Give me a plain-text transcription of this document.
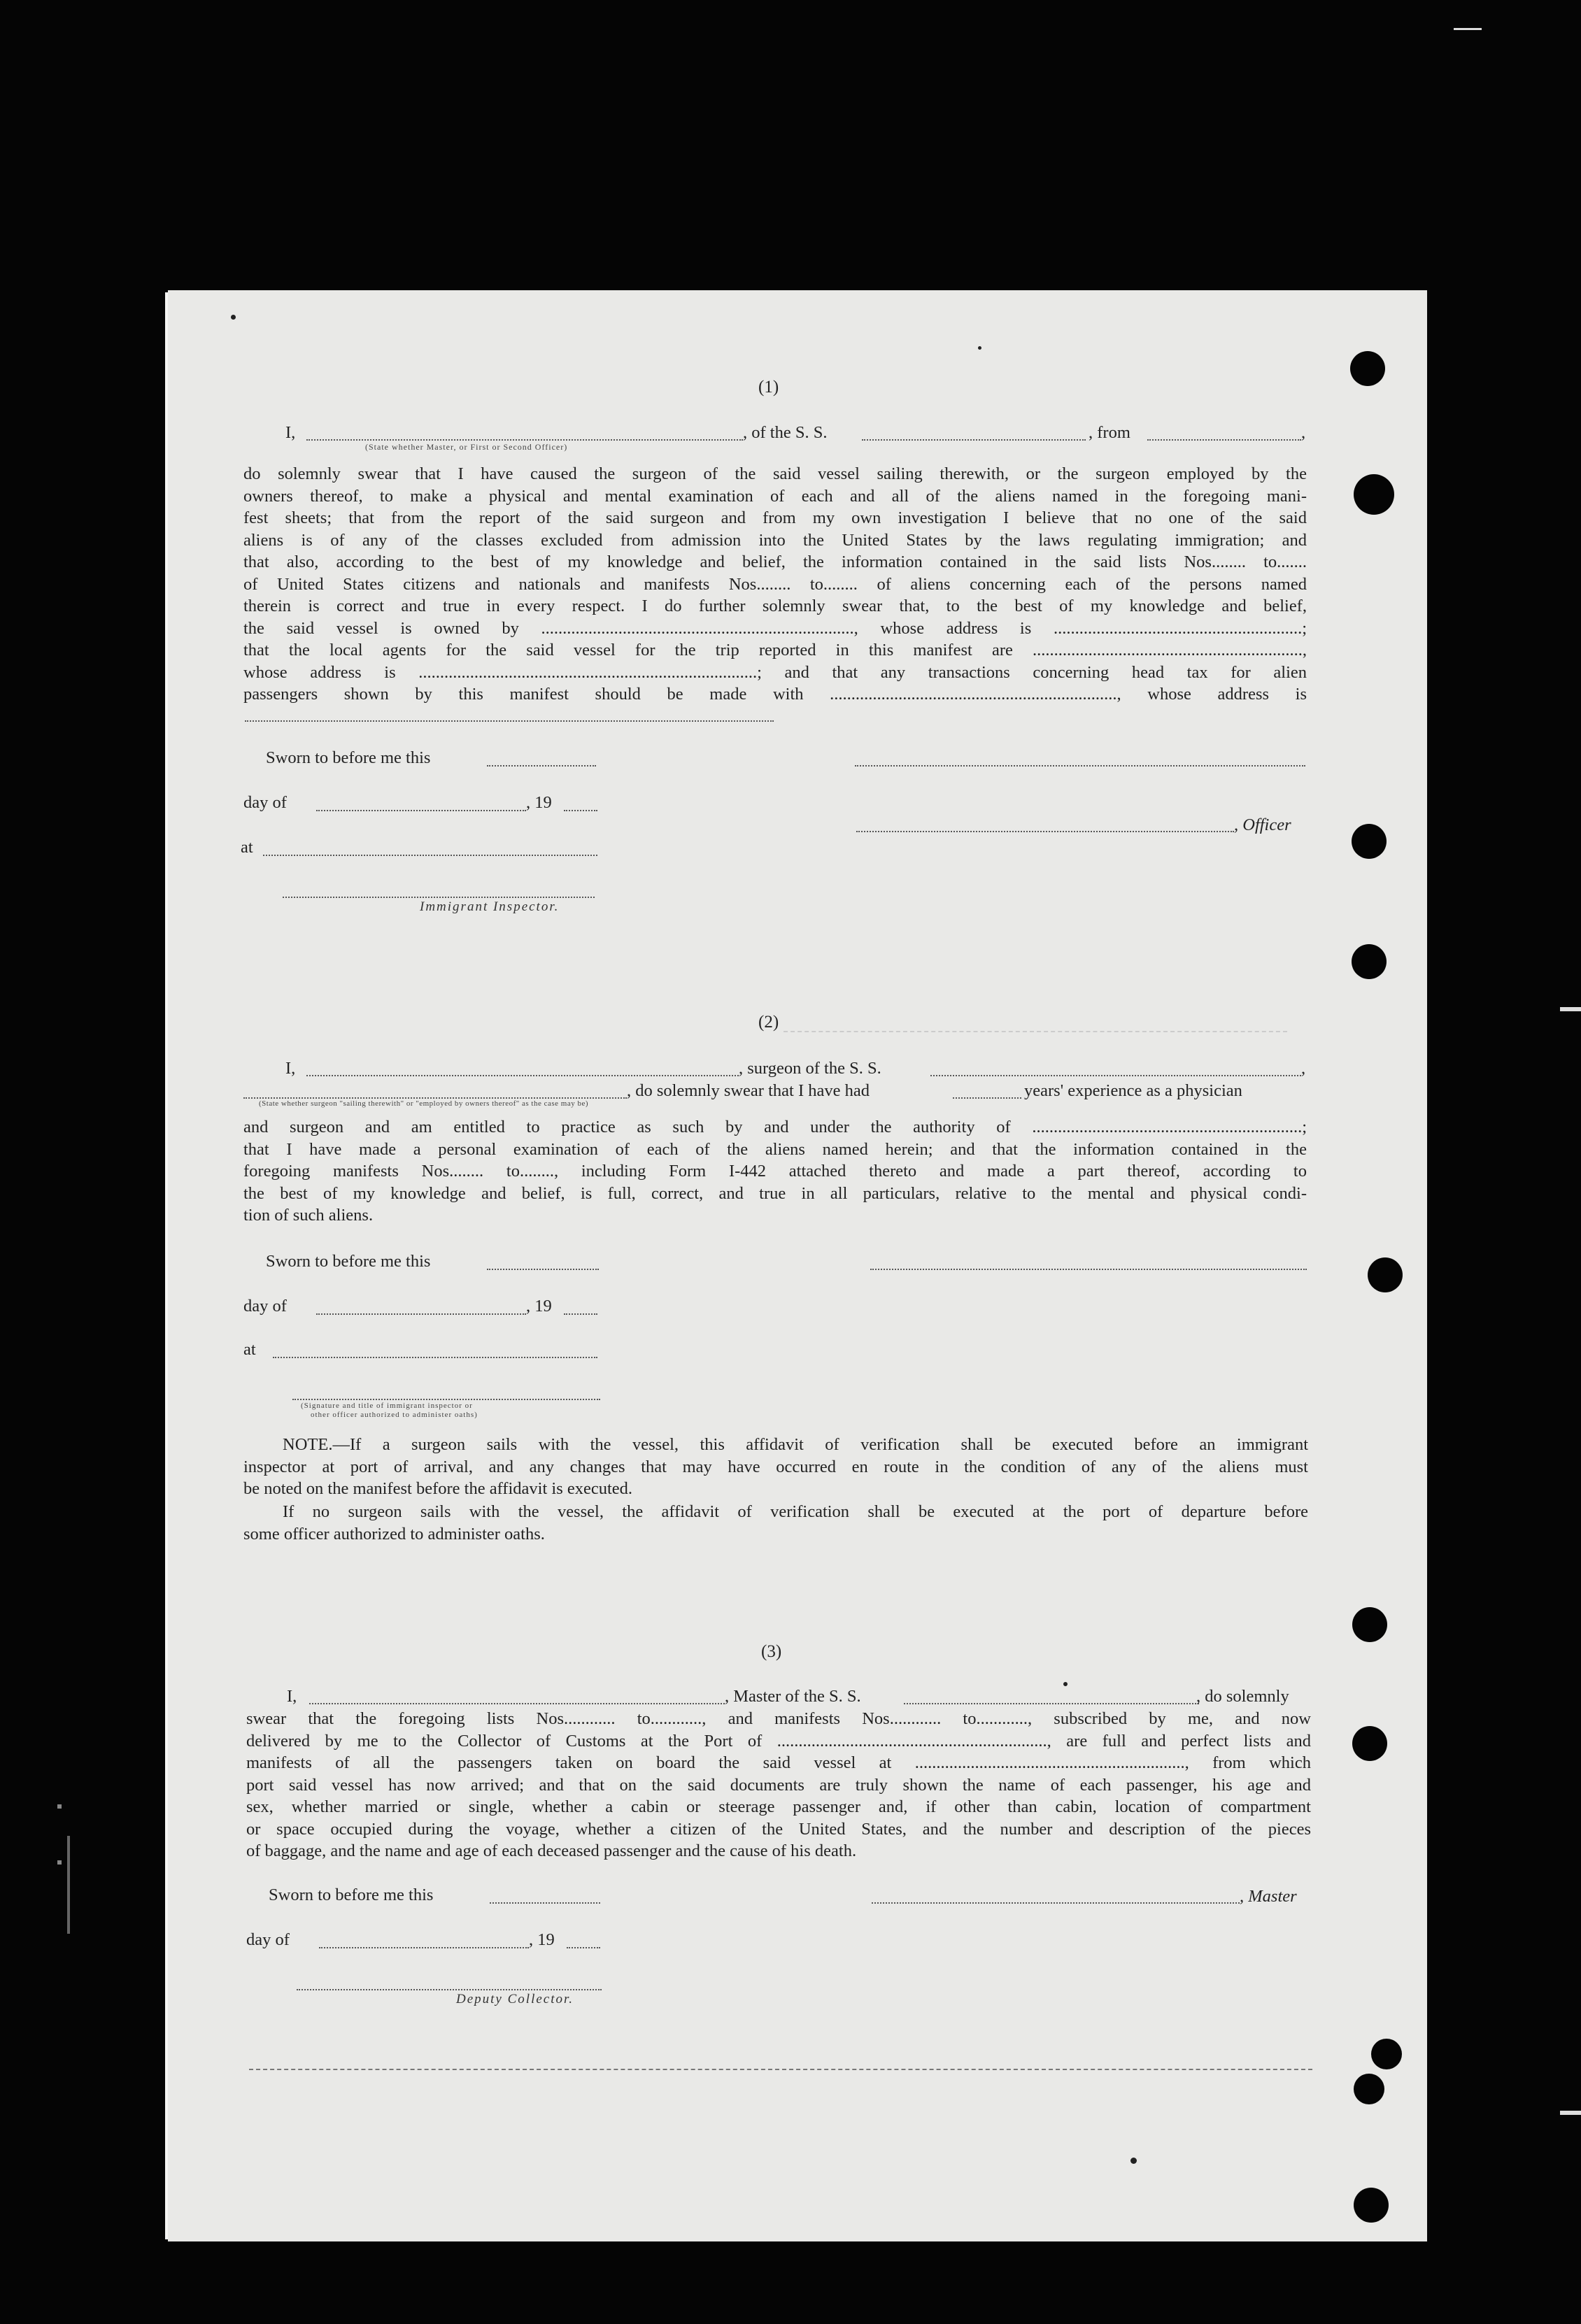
(1)
I,	, of the S. S.	, from	,
(State whether Master, or First or Second Officer)
do solemnly swear that I have caused the surgeon of the said vessel sailing therewith, or the surgeon employed by the
owners thereof, to make a physical and mental examination of each and all of the aliens named in the foregoing mani-
fest sheets; that from the report of the said surgeon and from my own investigation I believe that no one of the said
aliens is of any of the classes excluded from admission into the United States by the laws regulating immigration; and
that also, according to the best of my knowledge and belief, the information contained in the said lists Nos........ to.......
of United States citizens and nationals and manifests Nos........ to........ of aliens concerning each of the persons named
therein is correct and true in every respect. I do further solemnly swear that, to the best of my knowledge and belief,
the said vessel is owned by ........................................................................., whose address is ..........................................................;
that the local agents for the said vessel for the trip reported in this manifest are ...............................................................,
whose address is ...............................................................................; and that any transactions concerning head tax for alien
passengers shown by this manifest should be made with ..................................................................., whose address is
Sworn to before me this
day of	, 19
, Officer
at
Immigrant Inspector.
(2)
I,	, surgeon of the S. S.	,
, do solemnly swear that I have had	years' experience as a physician
(State whether surgeon "sailing therewith" or "employed by owners thereof" as the case may be)
and surgeon and am entitled to practice as such by and under the authority of ...............................................................;
that I have made a personal examination of each of the aliens named herein; and that the information contained in the
foregoing manifests Nos........ to........, including Form I-442 attached thereto and made a part thereof, according to
the best of my knowledge and belief, is full, correct, and true in all particulars, relative to the mental and physical condi-
tion of such aliens.
Sworn to before me this
day of	, 19
at
(Signature and title of immigrant inspector or
other officer authorized to administer oaths)
NOTE.—If a surgeon sails with the vessel, this affidavit of verification shall be executed before an immigrant
inspector at port of arrival, and any changes that may have occurred en route in the condition of any of the aliens must
be noted on the manifest before the affidavit is executed.
If no surgeon sails with the vessel, the affidavit of verification shall be executed at the port of departure before
some officer authorized to administer oaths.
(3)
I,	, Master of the S. S.	, do solemnly
swear that the foregoing lists Nos............ to............, and manifests Nos............ to............, subscribed by me, and now
delivered by me to the Collector of Customs at the Port of ..............................................................., are full and perfect lists and
manifests of all the passengers taken on board the said vessel at ..............................................................., from which
port said vessel has now arrived; and that on the said documents are truly shown the name of each passenger, his age and
sex, whether married or single, whether a cabin or steerage passenger and, if other than cabin, location of compartment
or space occupied during the voyage, whether a citizen of the United States, and the number and description of the pieces
of baggage, and the name and age of each deceased passenger and the cause of his death.
Sworn to before me this	, Master
day of	, 19
Deputy Collector.
